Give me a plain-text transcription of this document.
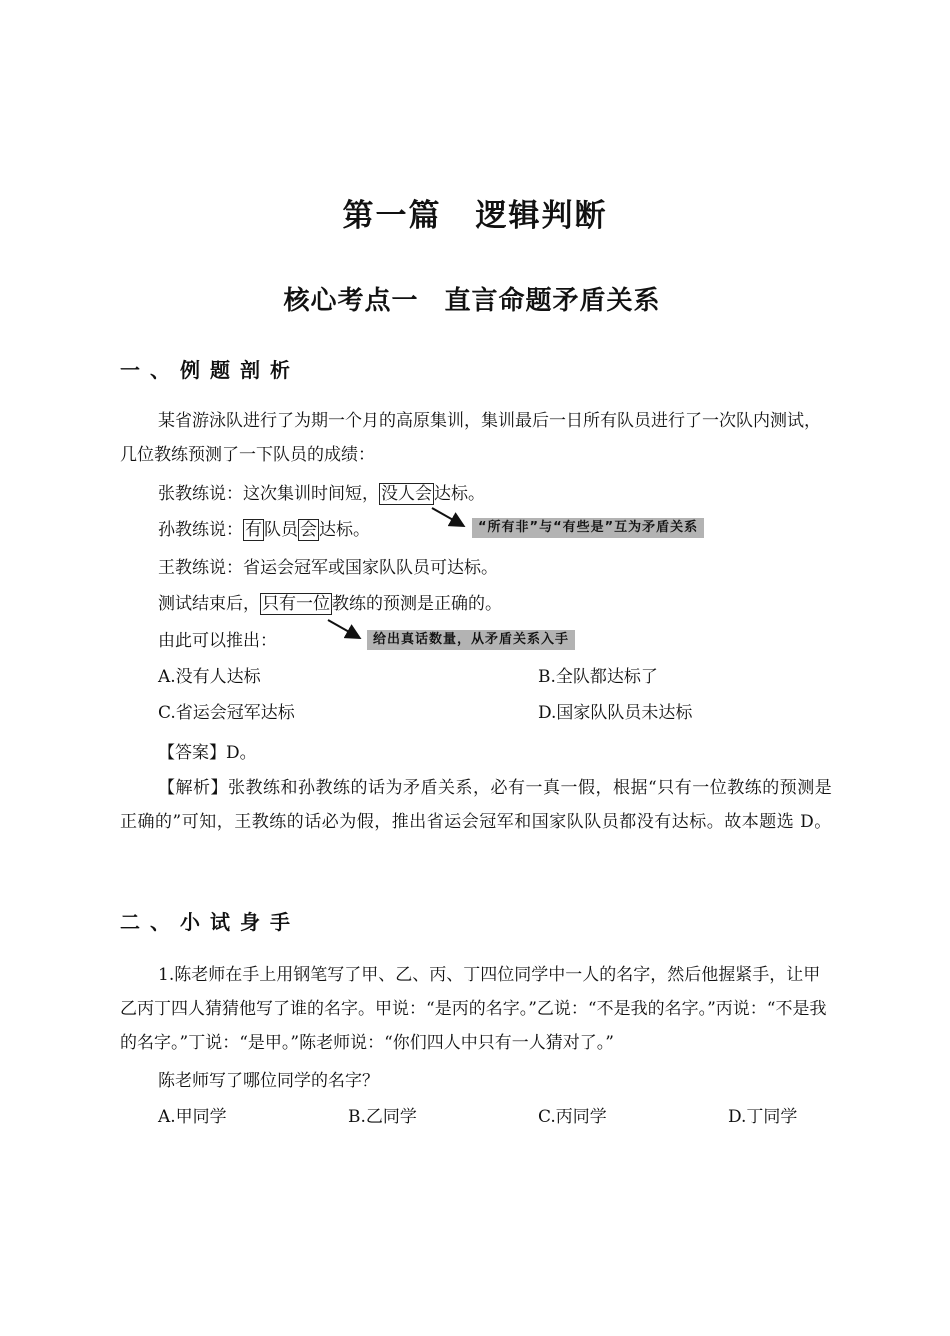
第一篇 逻辑判断
核心考点一 直言命题矛盾关系
一、例题剖析
某省游泳队进行了为期一个月的高原集训，集训最后一日所有队员进行了一次队内测试，几位教练预测了一下队员的成绩：
张教练说：这次集训时间短， 没人会 达标。
孙教练说： 有 队员 会 达标。	“所有非”与“有些是”互为矛盾关系
王教练说：省运会冠军或国家队队员可达标。
测试结束后， 只有一位 教练的预测是正确的。
由此可以推出：	给出真话数量，从矛盾关系入手
A.没有人达标	B.全队都达标了
C.省运会冠军达标	D.国家队队员未达标
【答案】D。
【解析】张教练和孙教练的话为矛盾关系，必有一真一假，根据“只有一位教练的预测是正确的”可知，王教练的话必为假，推出省运会冠军和国家队队员都没有达标。故本题选 D。
二、小试身手
1.陈老师在手上用钢笔写了甲、乙、丙、丁四位同学中一人的名字，然后他握紧手，让甲乙丙丁四人猜猜他写了谁的名字。甲说：“是丙的名字。”乙说：“不是我的名字。”丙说：“不是我的名字。”丁说：“是甲。”陈老师说：“你们四人中只有一人猜对了。”
陈老师写了哪位同学的名字？
A.甲同学	B.乙同学	C.丙同学	D.丁同学
